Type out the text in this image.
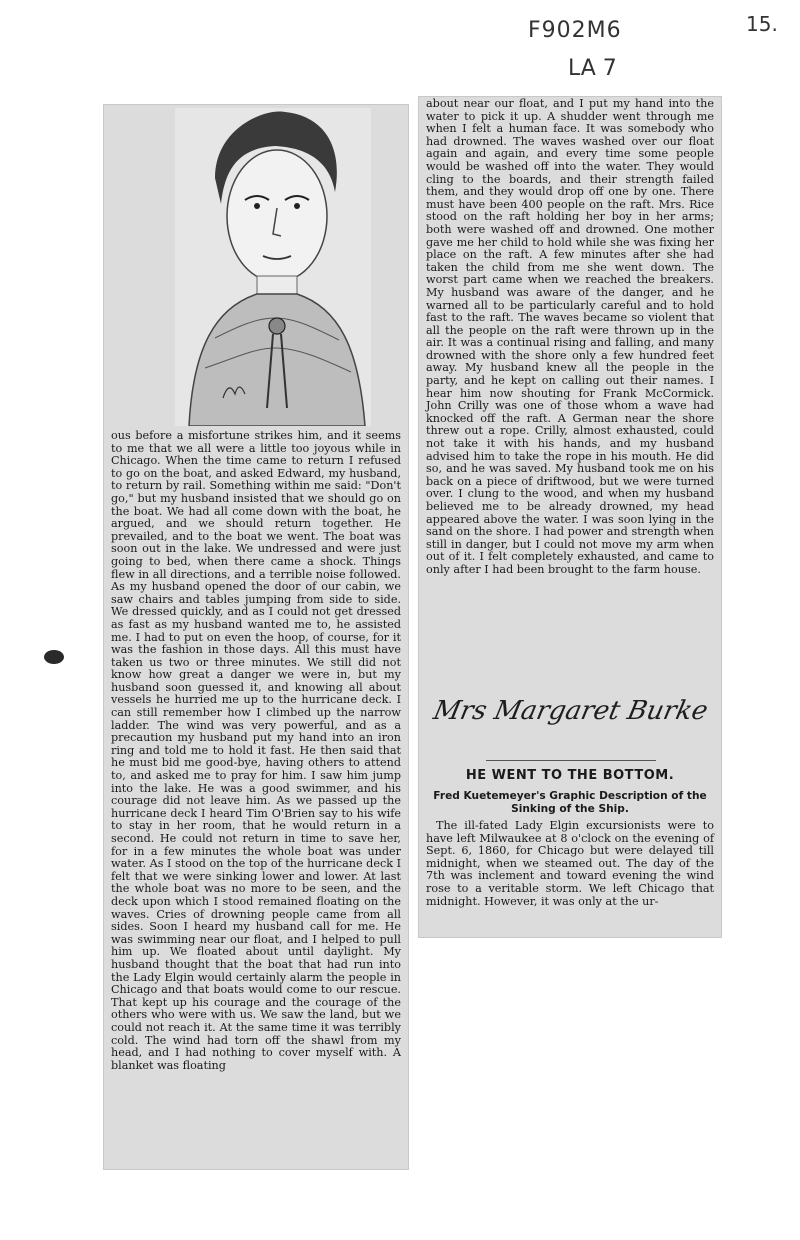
F902M6
LA 7
15.

ous before a misfortune strikes him, and it seems to me that we all were a little too joyous while in Chicago. When the time came to return I refused to go on the boat, and asked Edward, my husband, to return by rail. Something within me said: "Don't go," but my husband insisted that we should go on the boat. We had all come down with the boat, he argued, and we should return together. He prevailed, and to the boat we went. The boat was soon out in the lake. We undressed and were just going to bed, when there came a shock. Things flew in all directions, and a terrible noise followed. As my husband opened the door of our cabin, we saw chairs and tables jumping from side to side. We dressed quickly, and as I could not get dressed as fast as my husband wanted me to, he assisted me. I had to put on even the hoop, of course, for it was the fashion in those days. All this must have taken us two or three minutes. We still did not know how great a danger we were in, but my husband soon guessed it, and knowing all about vessels he hurried me up to the hurricane deck. I can still remember how I climbed up the narrow ladder. The wind was very powerful, and as a precaution my husband put my hand into an iron ring and told me to hold it fast. He then said that he must bid me good-bye, having others to attend to, and asked me to pray for him. I saw him jump into the lake. He was a good swimmer, and his courage did not leave him. As we passed up the hurricane deck I heard Tim O'Brien say to his wife to stay in her room, that he would return in a second. He could not return in time to save her, for in a few minutes the whole boat was under water. As I stood on the top of the hurricane deck I felt that we were sinking lower and lower. At last the whole boat was no more to be seen, and the deck upon which I stood remained floating on the waves. Cries of drowning people came from all sides. Soon I heard my husband call for me. He was swimming near our float, and I helped to pull him up. We floated about until daylight. My husband thought that the boat that had run into the Lady Elgin would certainly alarm the people in Chicago and that boats would come to our rescue. That kept up his courage and the courage of the others who were with us. We saw the land, but we could not reach it. At the same time it was terribly cold. The wind had torn off the shawl from my head, and I had nothing to cover myself with. A blanket was floating

about near our float, and I put my hand into the water to pick it up. A shudder went through me when I felt a human face. It was somebody who had drowned. The waves washed over our float again and again, and every time some people would be washed off into the water. They would cling to the boards, and their strength failed them, and they would drop off one by one. There must have been 400 people on the raft. Mrs. Rice stood on the raft holding her boy in her arms; both were washed off and drowned. One mother gave me her child to hold while she was fixing her place on the raft. A few minutes after she had taken the child from me she went down. The worst part came when we reached the breakers. My husband was aware of the danger, and he warned all to be particularly careful and to hold fast to the raft. The waves became so violent that all the people on the raft were thrown up in the air. It was a continual rising and falling, and many drowned with the shore only a few hundred feet away. My husband knew all the people in the party, and he kept on calling out their names. I hear him now shouting for Frank McCormick. John Crilly was one of those whom a wave had knocked off the raft. A German near the shore threw out a rope. Crilly, almost exhausted, could not take it with his hands, and my husband advised him to take the rope in his mouth. He did so, and he was saved. My husband took me on his back on a piece of driftwood, but we were turned over. I clung to the wood, and when my husband believed me to be already drowned, my head appeared above the water. I was soon lying in the sand on the shore. I had power and strength when still in danger, but I could not move my arm when out of it. I felt completely exhausted, and came to only after I had been brought to the farm house.

Mrs Margaret Burke
HE WENT TO THE BOTTOM.
Fred Kuetemeyer's Graphic Description of the Sinking of the Ship.

The ill-fated Lady Elgin excursionists were to have left Milwaukee at 8 o'clock on the evening of Sept. 6, 1860, for Chicago but were delayed till midnight, when we steamed out. The day of the 7th was inclement and toward evening the wind rose to a veritable storm. We left Chicago that midnight. However, it was only at the ur-
